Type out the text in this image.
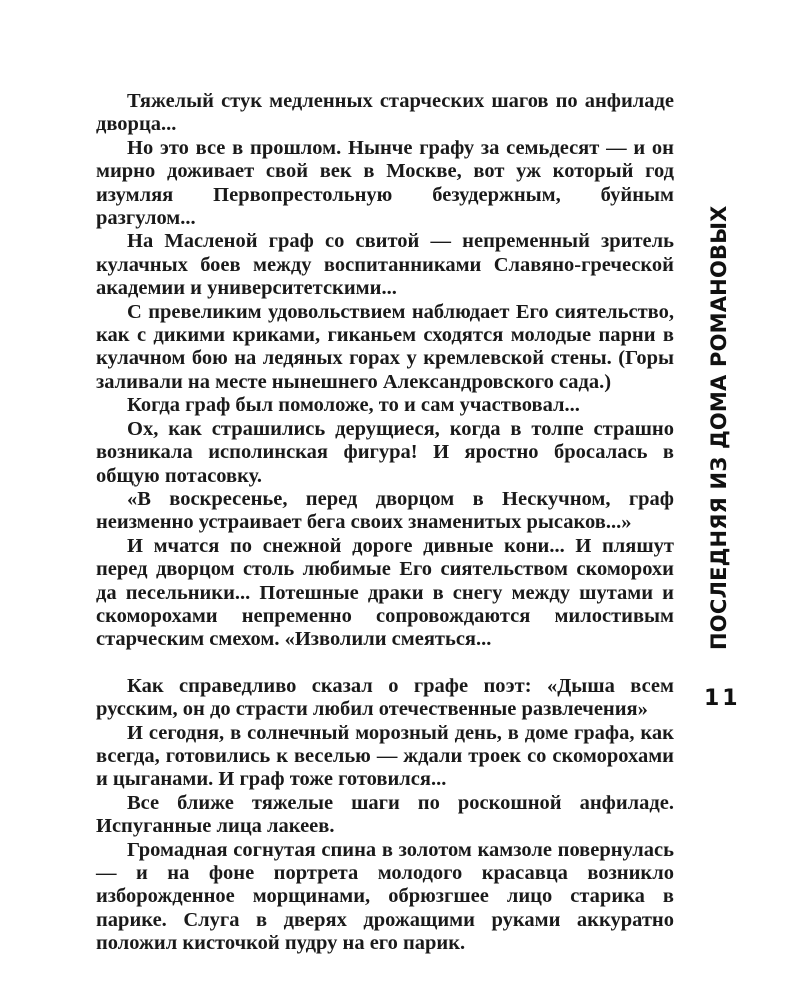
Тяжелый стук медленных старческих шагов по анфиладе дворца...

Но это все в прошлом. Нынче графу за семьдесят — и он мирно доживает свой век в Москве, вот уж который год изумляя Первопрестольную безудержным, буйным разгулом...

На Масленой граф со свитой — непременный зритель кулачных боев между воспитанниками Славяно-греческой академии и университетскими...

С превеликим удовольствием наблюдает Его сиятельство, как с дикими криками, гиканьем сходятся молодые парни в кулачном бою на ледяных горах у кремлевской стены. (Горы заливали на месте нынешнего Александровского сада.)

Когда граф был помоложе, то и сам участвовал...

Ох, как страшились дерущиеся, когда в толпе страшно возникала исполинская фигура! И яростно бросалась в общую потасовку.

«В воскресенье, перед дворцом в Нескучном, граф неизменно устраивает бега своих знаменитых рысаков...»

И мчатся по снежной дороге дивные кони... И пляшут перед дворцом столь любимые Его сиятельством скоморохи да песельники... Потешные драки в снегу между шутами и скоморохами непременно сопровождаются милостивым старческим смехом. «Изволили смеяться...

Как справедливо сказал о графе поэт: «Дыша всем русским, он до страсти любил отечественные развлечения»

И сегодня, в солнечный морозный день, в доме графа, как всегда, готовились к веселью — ждали троек со скоморохами и цыганами. И граф тоже готовился...

Все ближе тяжелые шаги по роскошной анфиладе. Испуганные лица лакеев.

Громадная согнутая спина в золотом камзоле повернулась — и на фоне портрета молодого красавца возникло изборожденное морщинами, обрюзгшее лицо старика в парике. Слуга в дверях дрожащими руками аккуратно положил кисточкой пудру на его парик.

ПОСЛЕДНЯЯ ИЗ ДОМА РОМАНОВЫХ
11
